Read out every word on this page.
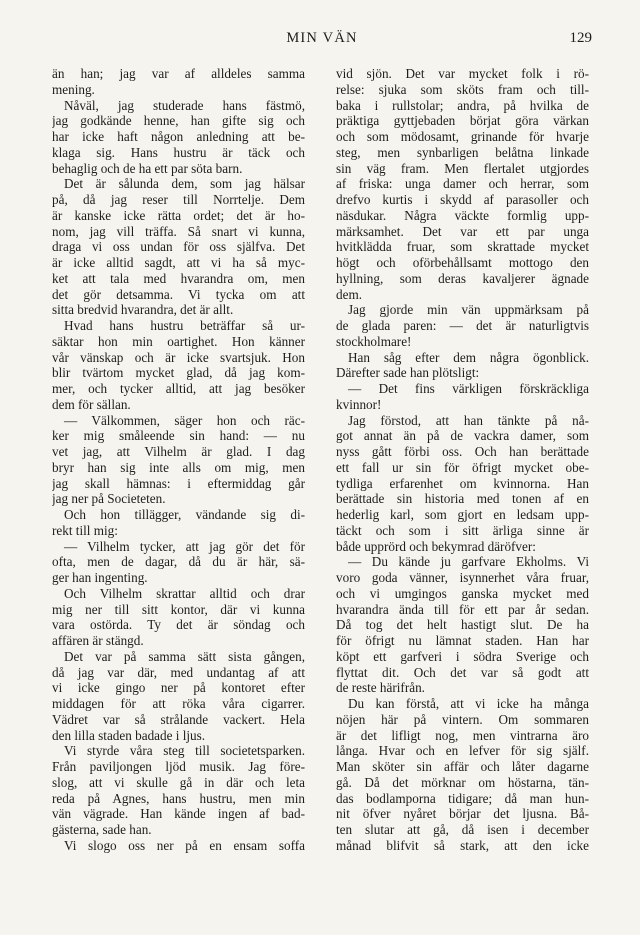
MIN VÄN	129
än han; jag var af alldeles samma
mening.
Nåväl, jag studerade hans fästmö,
jag godkände henne, han gifte sig och
har icke haft någon anledning att be-
klaga sig. Hans hustru är täck och
behaglig och de ha ett par söta barn.
Det är sålunda dem, som jag hälsar
på, då jag reser till Norrtelje. Dem
är kanske icke rätta ordet; det är ho-
nom, jag vill träffa. Så snart vi kunna,
draga vi oss undan för oss själfva. Det
är icke alltid sagdt, att vi ha så myc-
ket att tala med hvarandra om, men
det gör detsamma. Vi tycka om att
sitta bredvid hvarandra, det är allt.
Hvad hans hustru beträffar så ur-
säktar hon min oartighet. Hon känner
vår vänskap och är icke svartsjuk. Hon
blir tvärtom mycket glad, då jag kom-
mer, och tycker alltid, att jag besöker
dem för sällan.
— Välkommen, säger hon och räc-
ker mig småleende sin hand: — nu
vet jag, att Vilhelm är glad. I dag
bryr han sig inte alls om mig, men
jag skall hämnas: i eftermiddag går
jag ner på Societeten.
Och hon tillägger, vändande sig di-
rekt till mig:
— Vilhelm tycker, att jag gör det för
ofta, men de dagar, då du är här, sä-
ger han ingenting.
Och Vilhelm skrattar alltid och drar
mig ner till sitt kontor, där vi kunna
vara ostörda. Ty det är söndag och
affären är stängd.
Det var på samma sätt sista gången,
då jag var där, med undantag af att
vi icke gingo ner på kontoret efter
middagen för att röka våra cigarrer.
Vädret var så strålande vackert. Hela
den lilla staden badade i ljus.
Vi styrde våra steg till societetsparken.
Från paviljongen ljöd musik. Jag före-
slog, att vi skulle gå in där och leta
reda på Agnes, hans hustru, men min
vän vägrade. Han kände ingen af bad-
gästerna, sade han.
Vi slogo oss ner på en ensam soffa
vid sjön. Det var mycket folk i rö-
relse: sjuka som sköts fram och till-
baka i rullstolar; andra, på hvilka de
präktiga gyttjebaden börjat göra värkan
och som mödosamt, grinande för hvarje
steg, men synbarligen belåtna linkade
sin väg fram. Men flertalet utgjordes
af friska: unga damer och herrar, som
drefvo kurtis i skydd af parasoller och
näsdukar. Några väckte formlig upp-
märksamhet. Det var ett par unga
hvitklädda fruar, som skrattade mycket
högt och oförbehållsamt mottogo den
hyllning, som deras kavaljerer ägnade
dem.
Jag gjorde min vän uppmärksam på
de glada paren: — det är naturligtvis
stockholmare!
Han såg efter dem några ögonblick.
Därefter sade han plötsligt:
— Det fins värkligen förskräckliga
kvinnor!
Jag förstod, att han tänkte på nå-
got annat än på de vackra damer, som
nyss gått förbi oss. Och han berättade
ett fall ur sin för öfrigt mycket obe-
tydliga erfarenhet om kvinnorna. Han
berättade sin historia med tonen af en
hederlig karl, som gjort en ledsam upp-
täckt och som i sitt ärliga sinne är
både upprörd och bekymrad däröfver:
— Du kände ju garfvare Ekholms. Vi
voro goda vänner, isynnerhet våra fruar,
och vi umgingos ganska mycket med
hvarandra ända till för ett par år sedan.
Då tog det helt hastigt slut. De ha
för öfrigt nu lämnat staden. Han har
köpt ett garfveri i södra Sverige och
flyttat dit. Och det var så godt att
de reste härifrån.
Du kan förstå, att vi icke ha många
nöjen här på vintern. Om sommaren
är det lifligt nog, men vintrarna äro
långa. Hvar och en lefver för sig själf.
Man sköter sin affär och låter dagarne
gå. Då det mörknar om höstarna, tän-
das bodlamporna tidigare; då man hun-
nit öfver nyåret börjar det ljusna. Bå-
ten slutar att gå, då isen i december
månad blifvit så stark, att den icke
